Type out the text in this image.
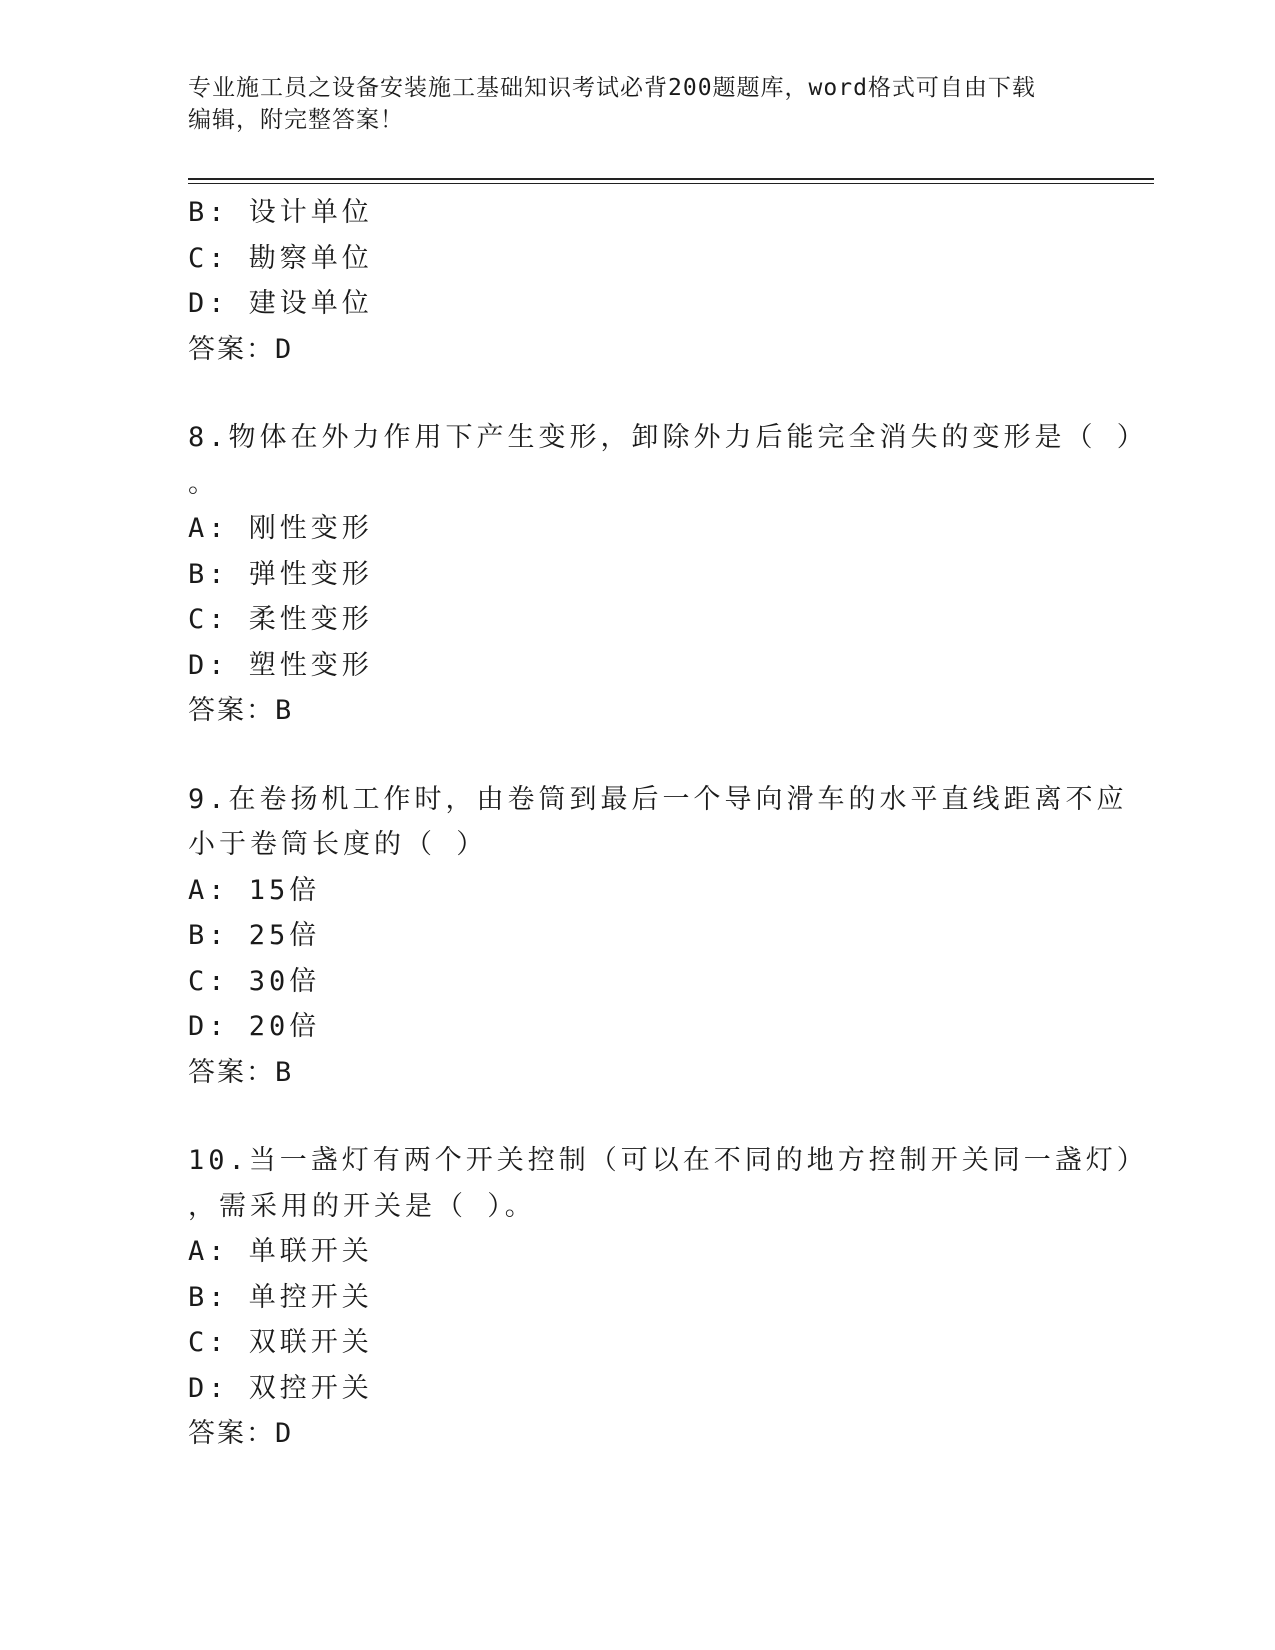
专业施工员之设备安装施工基础知识考试必背200题题库，word格式可自由下载
编辑，附完整答案！
B: 设计单位
C: 勘察单位
D: 建设单位
答案：D
8.物体在外力作用下产生变形，卸除外力后能完全消失的变形是（ ）
。
A: 刚性变形
B: 弹性变形
C: 柔性变形
D: 塑性变形
答案：B
9.在卷扬机工作时，由卷筒到最后一个导向滑车的水平直线距离不应
小于卷筒长度的（ ）
A: 15倍
B: 25倍
C: 30倍
D: 20倍
答案：B
10.当一盏灯有两个开关控制（可以在不同的地方控制开关同一盏灯）
，需采用的开关是（ ）。
A: 单联开关
B: 单控开关
C: 双联开关
D: 双控开关
答案：D
